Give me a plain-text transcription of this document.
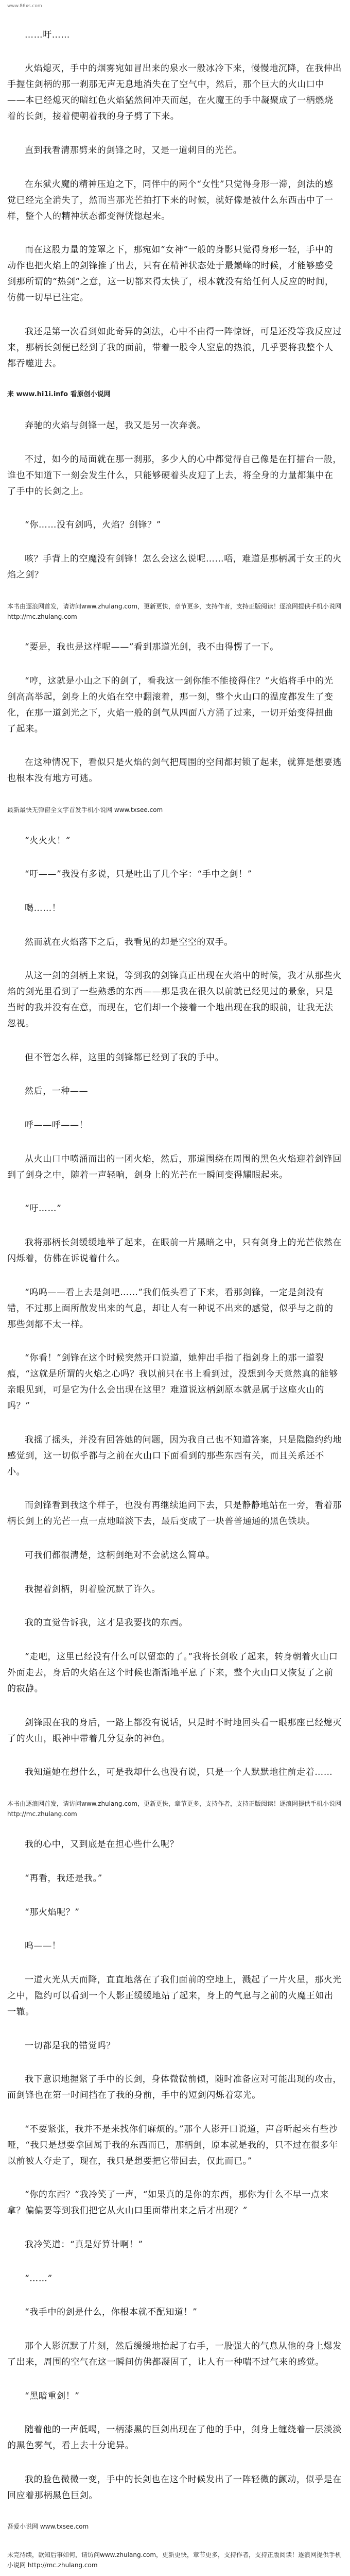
www.86xs.com

……吁……

火焰熄灭，手中的烟雾宛如冒出来的泉水一般冰冷下来，慢慢地沉降，在我伸出手握住剑柄的那一刹那无声无息地消失在了空气中，然后，那个巨大的火山口中——本已经熄灭的暗红色火焰猛然间冲天而起，在火魔王的手中凝聚成了一柄燃烧着的长剑，接着便朝着我的身子劈了下来。

直到我看清那劈来的剑锋之时，又是一道刺目的光芒。

在东狱火魔的精神压迫之下，同伴中的两个“女性”只觉得身形一滞，剑法的感觉已经完全消失了，然而当那光芒拍打下来的时候，就好像是被什么东西击中了一样，整个人的精神状态都变得恍惚起来。

而在这股力量的笼罩之下，那宛如“女神”一般的身影只觉得身形一轻，手中的动作也把火焰上的剑锋推了出去，只有在精神状态处于最巅峰的时候，才能够感受到那所谓的“热剑”之意，这一切都来得太快了，根本就没有给任何人反应的时间，仿佛一切早已注定。

我还是第一次看到如此奇异的剑法，心中不由得一阵惊讶，可是还没等我反应过来，那柄长剑便已经到了我的面前，带着一股令人窒息的热浪，几乎要将我整个人都吞噬进去。

来 www.hi1i.info 看原创小说网

奔驰的火焰与剑锋一起，我又是另一次奔袭。

不过，如今的局面就在那一刹那，多少人的心中都觉得自己像是在打擂台一般，谁也不知道下一刻会发生什么，只能够硬着头皮迎了上去，将全身的力量都集中在了手中的长剑之上。

“你……没有剑吗，火焰？剑锋？”

咳？手背上的空魔没有剑锋！怎么会这么说呢……唔，难道是那柄属于女王的火焰之剑？

本书由逐浪网首发，请访问www.zhulang.com，更新更快，章节更多，支持作者，支持正版阅读！逐浪网提供手机小说网 http://mc.zhulang.com

“要是，我也是这样呢——”看到那道光剑，我不由得愣了一下。

“哼，这就是小山之下的剑了，看我这一剑你能不能接得住？”火焰将手中的光剑高高举起，剑身上的火焰在空中翻滚着，那一刻，整个火山口的温度都发生了变化，在那一道剑光之下，火焰一般的剑气从四面八方涌了过来，一切开始变得扭曲了起来。

在这种情况下，看似只是火焰的剑气把周围的空间都封锁了起来，就算是想要逃也根本没有地方可逃。

最新最快无弹窗全文字首发手机小说网 www.txsee.com

“火火火！”

“吁——”我没有多说，只是吐出了几个字：“手中之剑！”

喝……！

然而就在火焰落下之后，我看见的却是空空的双手。

从这一剑的剑柄上来说，等到我的剑锋真正出现在火焰中的时候，我才从那些火焰的剑光里看到了一些熟悉的东西——那是我在很久以前就已经见过的景象，只是当时的我并没有在意，而现在，它们却一个接着一个地出现在我的眼前，让我无法忽视。

但不管怎么样，这里的剑锋都已经到了我的手中。

然后，一种——

呼——呼——！

从火山口中喷涌而出的一团火焰，然后，那道围绕在周围的黑色火焰迎着剑锋回到了剑身之中，随着一声轻响，剑身上的光芒在一瞬间变得耀眼起来。

“吁……”

我将那柄长剑缓缓地举了起来，在眼前一片黑暗之中，只有剑身上的光芒依然在闪烁着，仿佛在诉说着什么。

“呜呜——看上去是剑吧……”我们低头看了下来，看那剑锋，一定是剑没有错，不过那上面所散发出来的气息，却让人有一种说不出来的感觉，似乎与之前的那些剑都不太一样。

“你看！”剑锋在这个时候突然开口说道，她伸出手指了指剑身上的那一道裂痕，“这就是所谓的火焰之心吗？我以前只在书上看到过，没想到今天竟然真的能够亲眼见到，可是它为什么会出现在这里？难道说这柄剑原本就是属于这座火山的吗？”

我摇了摇头，并没有回答她的问题，因为我自己也不知道答案，只是隐隐约约地感觉到，这一切似乎都与之前在火山口下面看到的那些东西有关，而且关系还不小。

而剑锋看到我这个样子，也没有再继续追问下去，只是静静地站在一旁，看着那柄长剑上的光芒一点一点地暗淡下去，最后变成了一块普普通通的黑色铁块。

可我们都很清楚，这柄剑绝对不会就这么简单。

我握着剑柄，阴着脸沉默了许久。

我的直觉告诉我，这才是我要找的东西。

“走吧，这里已经没有什么可以留恋的了。”我将长剑收了起来，转身朝着火山口外面走去，身后的火焰在这个时候也渐渐地平息了下来，整个火山口又恢复了之前的寂静。

剑锋跟在我的身后，一路上都没有说话，只是时不时地回头看一眼那座已经熄灭了的火山，眼神中带着几分复杂的神色。

我知道她在想什么，可是我却什么也没有说，只是一个人默默地往前走着……

本书由逐浪网首发，请访问www.zhulang.com，更新更快，章节更多，支持作者，支持正版阅读！逐浪网提供手机小说网 http://mc.zhulang.com

我的心中，又到底是在担心些什么呢？

“再看，我还是我。”

“那火焰呢？”

呜——！

一道火光从天而降，直直地落在了我们面前的空地上，溅起了一片火星，那火光之中，隐约可以看到一个人影正缓缓地站了起来，身上的气息与之前的火魔王如出一辙。

一切都是我的错觉吗？

我下意识地握紧了手中的长剑，身体微微前倾，随时准备应对可能出现的攻击，而剑锋也在第一时间挡在了我的身前，手中的短剑闪烁着寒光。

“不要紧张，我并不是来找你们麻烦的。”那个人影开口说道，声音听起来有些沙哑，“我只是想要拿回属于我的东西而已，那柄剑，原本就是我的，只不过在很多年以前被人夺走了，现在，我只是想要把它带回去，仅此而已。”

“你的东西？”我冷笑了一声，“如果真的是你的东西，那你为什么不早一点来拿？偏偏要等到我们把它从火山口里面带出来之后才出现？”

我冷笑道：“真是好算计啊！”

“……”

“我手中的剑是什么，你根本就不配知道！”

那个人影沉默了片刻，然后缓缓地抬起了右手，一股强大的气息从他的身上爆发了出来，周围的空气在这一瞬间仿佛都凝固了，让人有一种喘不过气来的感觉。

“黑暗重剑！”

随着他的一声低喝，一柄漆黑的巨剑出现在了他的手中，剑身上缠绕着一层淡淡的黑色雾气，看上去十分诡异。

我的脸色微微一变，手中的长剑也在这个时候发出了一阵轻微的颤动，似乎是在回应着那柄黑色巨剑。

吾爱小说网 www.txsee.com

未完待续，欲知后事如何，请访问www.zhulang.com，更新更快，章节更多，支持作者，支持正版阅读！逐浪网提供手机小说网 http://mc.zhulang.com
